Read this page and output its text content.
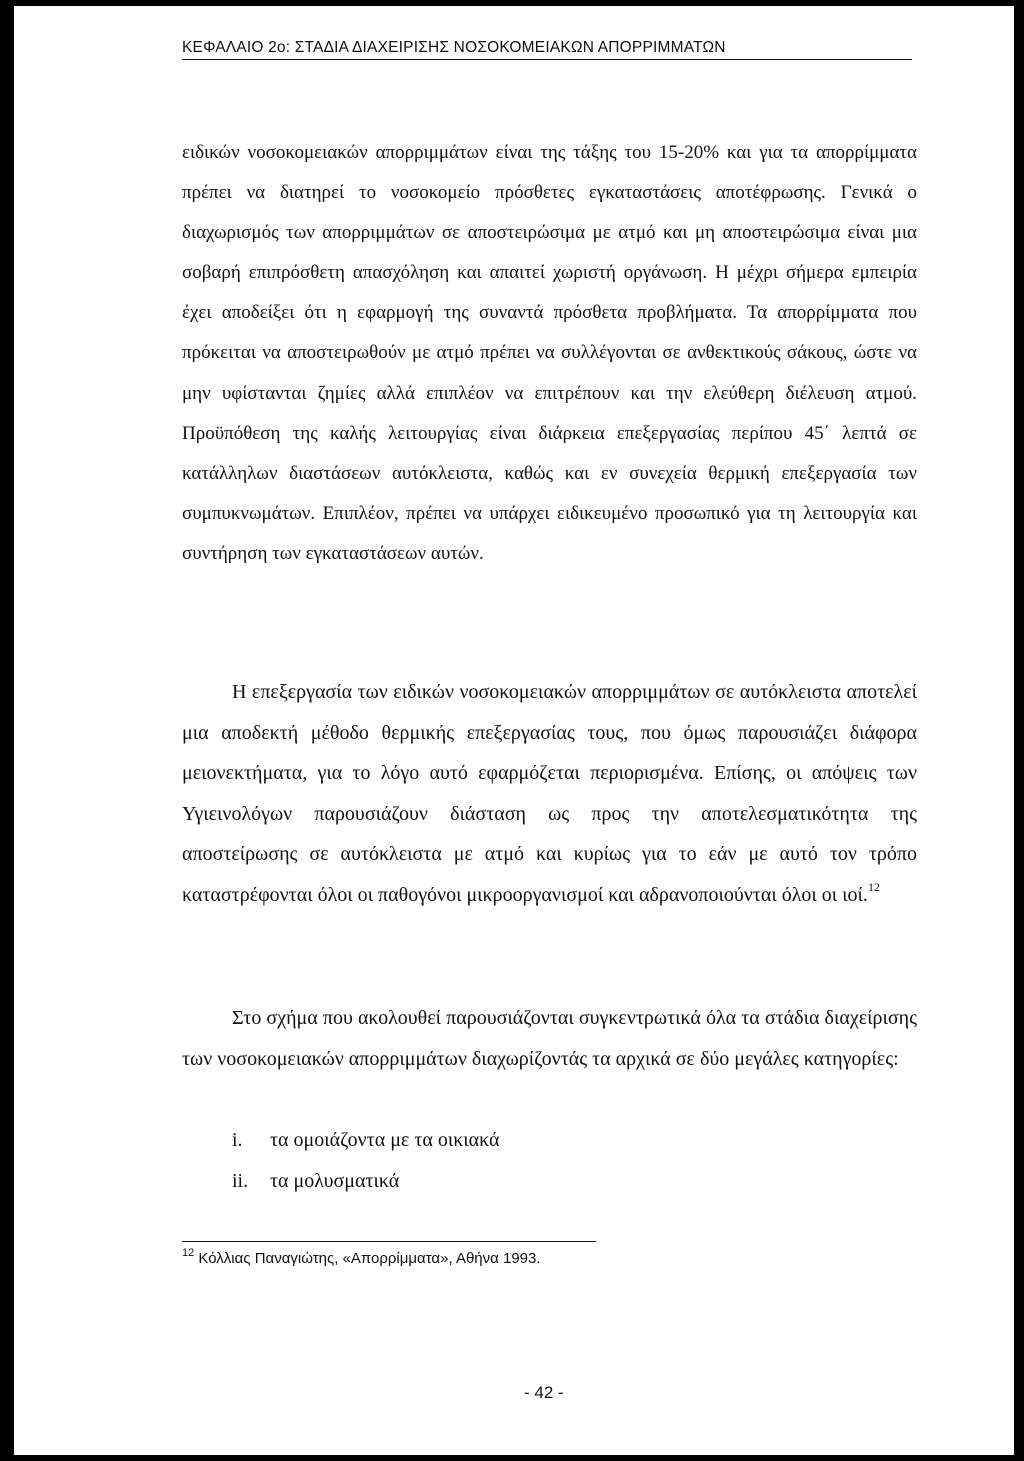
ΚΕΦΑΛΑΙΟ 2ο: ΣΤΑΔΙΑ ΔΙΑΧΕΙΡΙΣΗΣ ΝΟΣΟΚΟΜΕΙΑΚΩΝ ΑΠΟΡΡΙΜΜΑΤΩΝ
ειδικών νοσοκομειακών απορριμμάτων είναι της τάξης του 15-20% και για τα απορρίμματα πρέπει να διατηρεί το νοσοκομείο πρόσθετες εγκαταστάσεις αποτέφρωσης. Γενικά ο διαχωρισμός των απορριμμάτων σε αποστειρώσιμα με ατμό και μη αποστειρώσιμα είναι μια σοβαρή επιπρόσθετη απασχόληση και απαιτεί χωριστή οργάνωση. Η μέχρι σήμερα εμπειρία έχει αποδείξει ότι η εφαρμογή της συναντά πρόσθετα προβλήματα. Τα απορρίμματα που πρόκειται να αποστειρωθούν με ατμό πρέπει να συλλέγονται σε ανθεκτικούς σάκους, ώστε να μην υφίστανται ζημίες αλλά επιπλέον να επιτρέπουν και την ελεύθερη διέλευση ατμού. Προϋπόθεση της καλής λειτουργίας είναι διάρκεια επεξεργασίας περίπου 45΄ λεπτά σε κατάλληλων διαστάσεων αυτόκλειστα, καθώς και εν συνεχεία θερμική επεξεργασία των συμπυκνωμάτων. Επιπλέον, πρέπει να υπάρχει ειδικευμένο προσωπικό για τη λειτουργία και συντήρηση των εγκαταστάσεων αυτών.
Η επεξεργασία των ειδικών νοσοκομειακών απορριμμάτων σε αυτόκλειστα αποτελεί μια αποδεκτή μέθοδο θερμικής επεξεργασίας τους, που όμως παρουσιάζει διάφορα μειονεκτήματα, για το λόγο αυτό εφαρμόζεται περιορισμένα. Επίσης, οι απόψεις των Υγιεινολόγων παρουσιάζουν διάσταση ως προς την αποτελεσματικότητα της αποστείρωσης σε αυτόκλειστα με ατμό και κυρίως για το εάν με αυτό τον τρόπο καταστρέφονται όλοι οι παθογόνοι μικροοργανισμοί και αδρανοποιούνται όλοι οι ιοί.$^{12}$
Στο σχήμα που ακολουθεί παρουσιάζονται συγκεντρωτικά όλα τα στάδια διαχείρισης των νοσοκομειακών απορριμμάτων διαχωρίζοντάς τα αρχικά σε δύο μεγάλες κατηγορίες:
i.	τα ομοιάζοντα με τα οικιακά
ii.	τα μολυσματικά
$^{12}$ Κόλλιας Παναγιώτης, «Απορρίμματα», Αθήνα 1993.
- 42 -
